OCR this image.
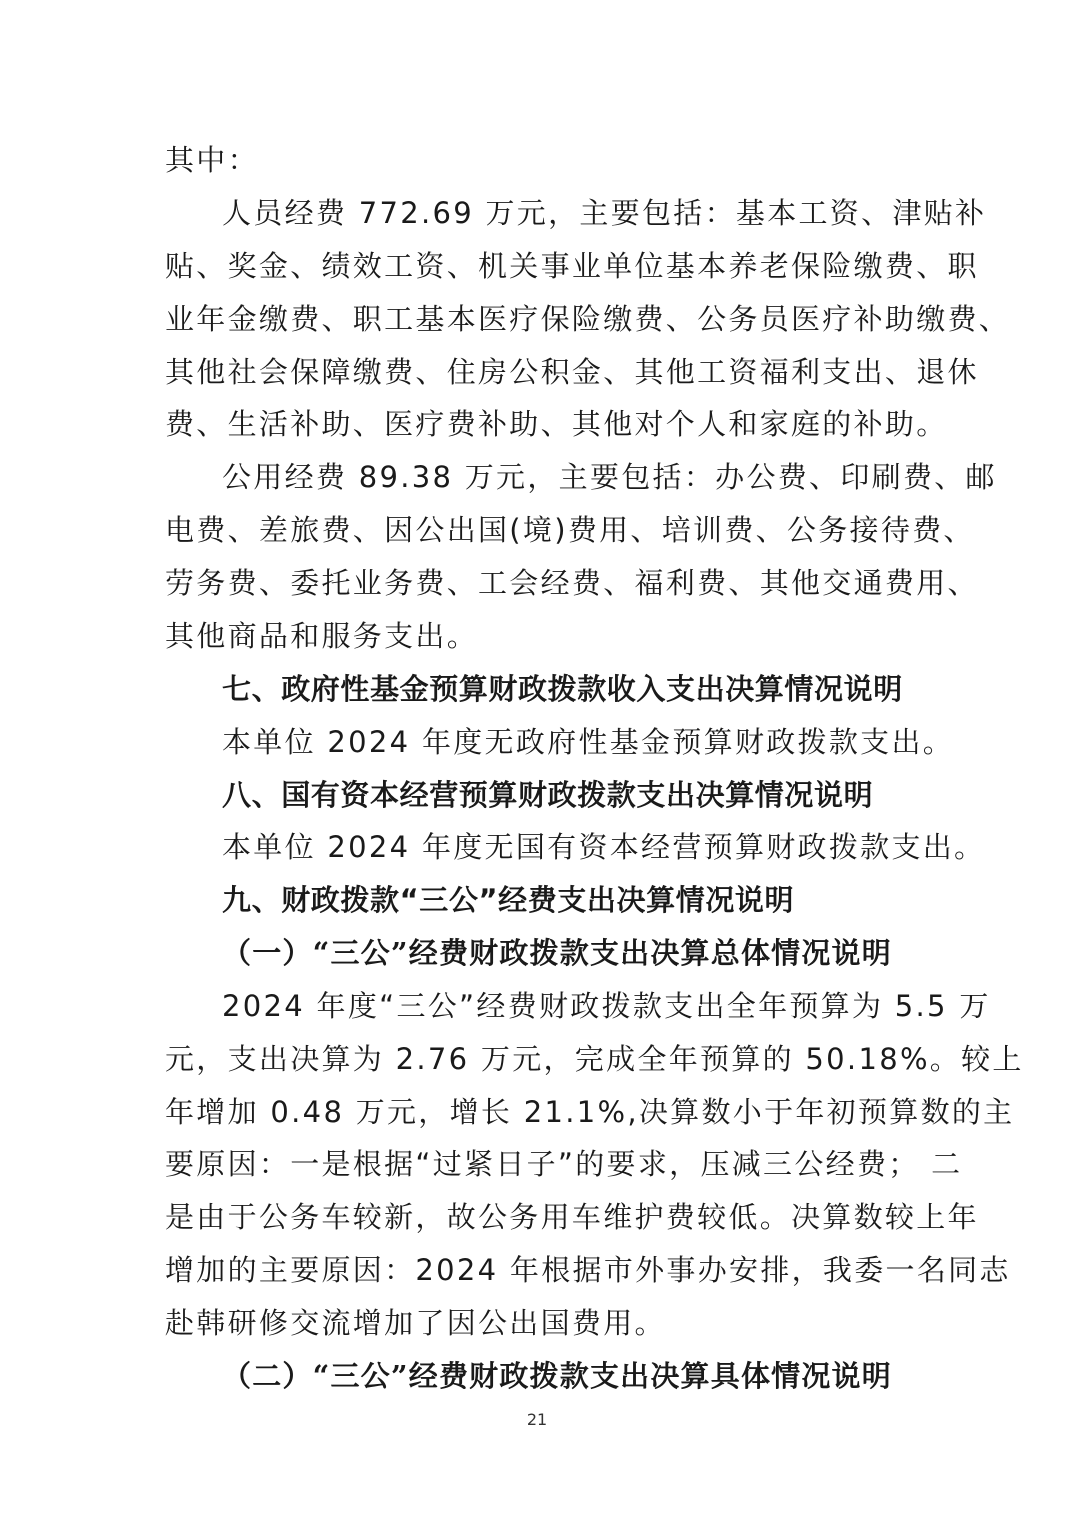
其中：
人员经费 772.69 万元，主要包括：基本工资、津贴补
贴、奖金、绩效工资、机关事业单位基本养老保险缴费、职
业年金缴费、职工基本医疗保险缴费、公务员医疗补助缴费、
其他社会保障缴费、住房公积金、其他工资福利支出、退休
费、生活补助、医疗费补助、其他对个人和家庭的补助。
公用经费 89.38 万元，主要包括：办公费、印刷费、邮
电费、差旅费、因公出国(境)费用、培训费、公务接待费、
劳务费、委托业务费、工会经费、福利费、其他交通费用、
其他商品和服务支出。
七、政府性基金预算财政拨款收入支出决算情况说明
本单位 2024 年度无政府性基金预算财政拨款支出。
八、国有资本经营预算财政拨款支出决算情况说明
本单位 2024 年度无国有资本经营预算财政拨款支出。
九、财政拨款“三公”经费支出决算情况说明
（一）“三公”经费财政拨款支出决算总体情况说明
2024 年度“三公”经费财政拨款支出全年预算为 5.5 万
元，支出决算为 2.76 万元，完成全年预算的 50.18%。较上
年增加 0.48 万元，增长 21.1%,决算数小于年初预算数的主
要原因：一是根据“过紧日子”的要求，压减三公经费； 二
是由于公务车较新，故公务用车维护费较低。决算数较上年
增加的主要原因：2024 年根据市外事办安排，我委一名同志
赴韩研修交流增加了因公出国费用。
（二）“三公”经费财政拨款支出决算具体情况说明
21
